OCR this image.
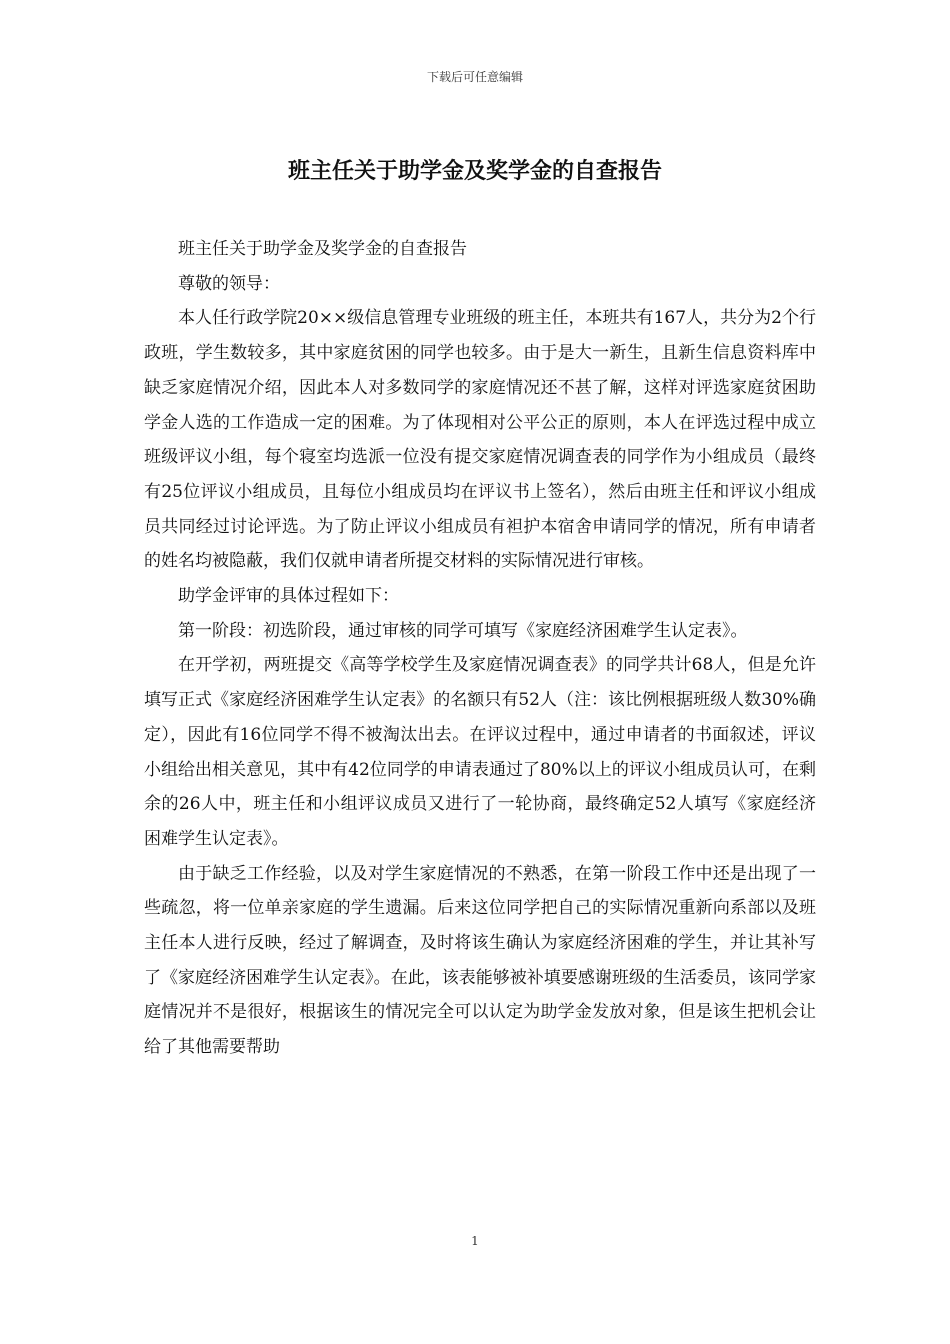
下载后可任意编辑
班主任关于助学金及奖学金的自查报告

班主任关于助学金及奖学金的自查报告

尊敬的领导：

本人任行政学院20××级信息管理专业班级的班主任，本班共有167人，共分为2个行政班，学生数较多，其中家庭贫困的同学也较多。由于是大一新生，且新生信息资料库中缺乏家庭情况介绍，因此本人对多数同学的家庭情况还不甚了解，这样对评选家庭贫困助学金人选的工作造成一定的困难。为了体现相对公平公正的原则，本人在评选过程中成立班级评议小组，每个寝室均选派一位没有提交家庭情况调查表的同学作为小组成员（最终有25位评议小组成员，且每位小组成员均在评议书上签名），然后由班主任和评议小组成员共同经过讨论评选。为了防止评议小组成员有袒护本宿舍申请同学的情况，所有申请者的姓名均被隐蔽，我们仅就申请者所提交材料的实际情况进行审核。

助学金评审的具体过程如下：

第一阶段：初选阶段，通过审核的同学可填写《家庭经济困难学生认定表》。

在开学初，两班提交《高等学校学生及家庭情况调查表》的同学共计68人，但是允许填写正式《家庭经济困难学生认定表》的名额只有52人（注：该比例根据班级人数30%确定），因此有16位同学不得不被淘汰出去。在评议过程中，通过申请者的书面叙述，评议小组给出相关意见，其中有42位同学的申请表通过了80%以上的评议小组成员认可，在剩余的26人中，班主任和小组评议成员又进行了一轮协商，最终确定52人填写《家庭经济困难学生认定表》。

由于缺乏工作经验，以及对学生家庭情况的不熟悉，在第一阶段工作中还是出现了一些疏忽，将一位单亲家庭的学生遗漏。后来这位同学把自己的实际情况重新向系部以及班主任本人进行反映，经过了解调查，及时将该生确认为家庭经济困难的学生，并让其补写了《家庭经济困难学生认定表》。在此，该表能够被补填要感谢班级的生活委员，该同学家庭情况并不是很好，根据该生的情况完全可以认定为助学金发放对象，但是该生把机会让给了其他需要帮助

1
